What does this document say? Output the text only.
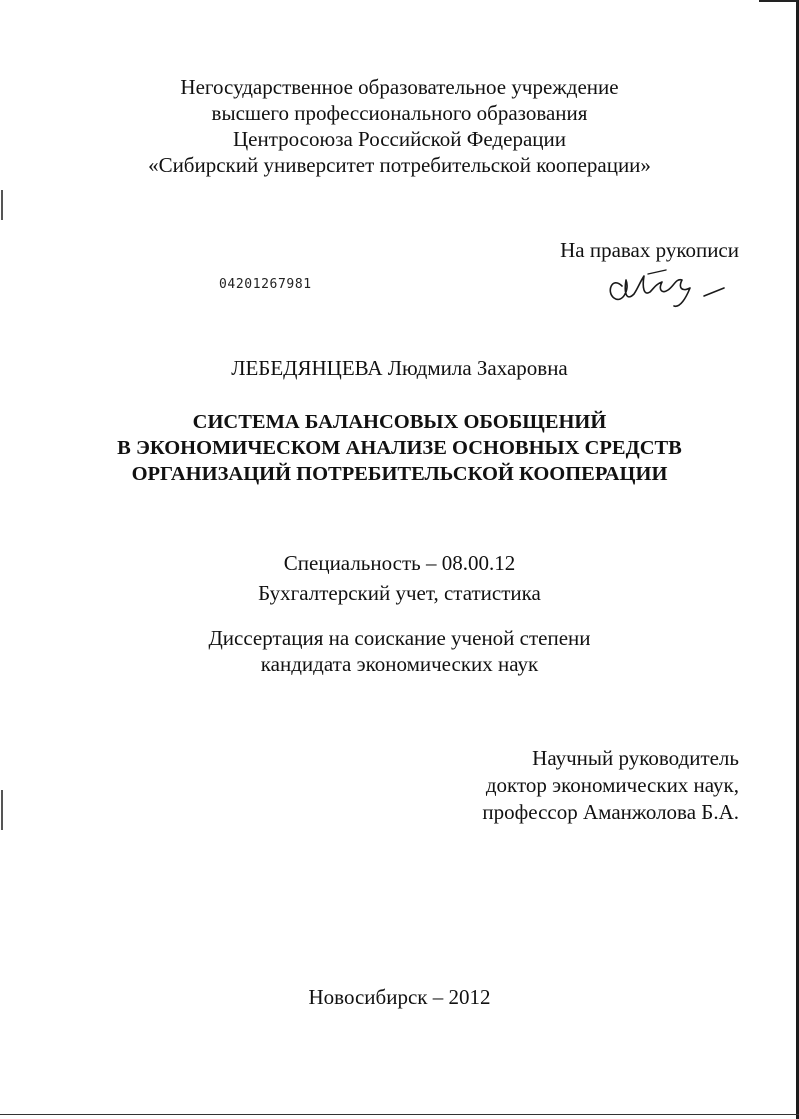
Негосударственное образовательное учреждение
высшего профессионального образования
Центросоюза Российской Федерации
«Сибирский университет потребительской кооперации»
На правах рукописи
04201267981
ЛЕБЕДЯНЦЕВА Людмила Захаровна
СИСТЕМА БАЛАНСОВЫХ ОБОБЩЕНИЙ
В ЭКОНОМИЧЕСКОМ АНАЛИЗЕ ОСНОВНЫХ СРЕДСТВ
ОРГАНИЗАЦИЙ ПОТРЕБИТЕЛЬСКОЙ КООПЕРАЦИИ
Специальность – 08.00.12
Бухгалтерский учет, статистика
Диссертация на соискание ученой степени
кандидата экономических наук
Научный руководитель
доктор экономических наук,
профессор Аманжолова Б.А.
Новосибирск – 2012
